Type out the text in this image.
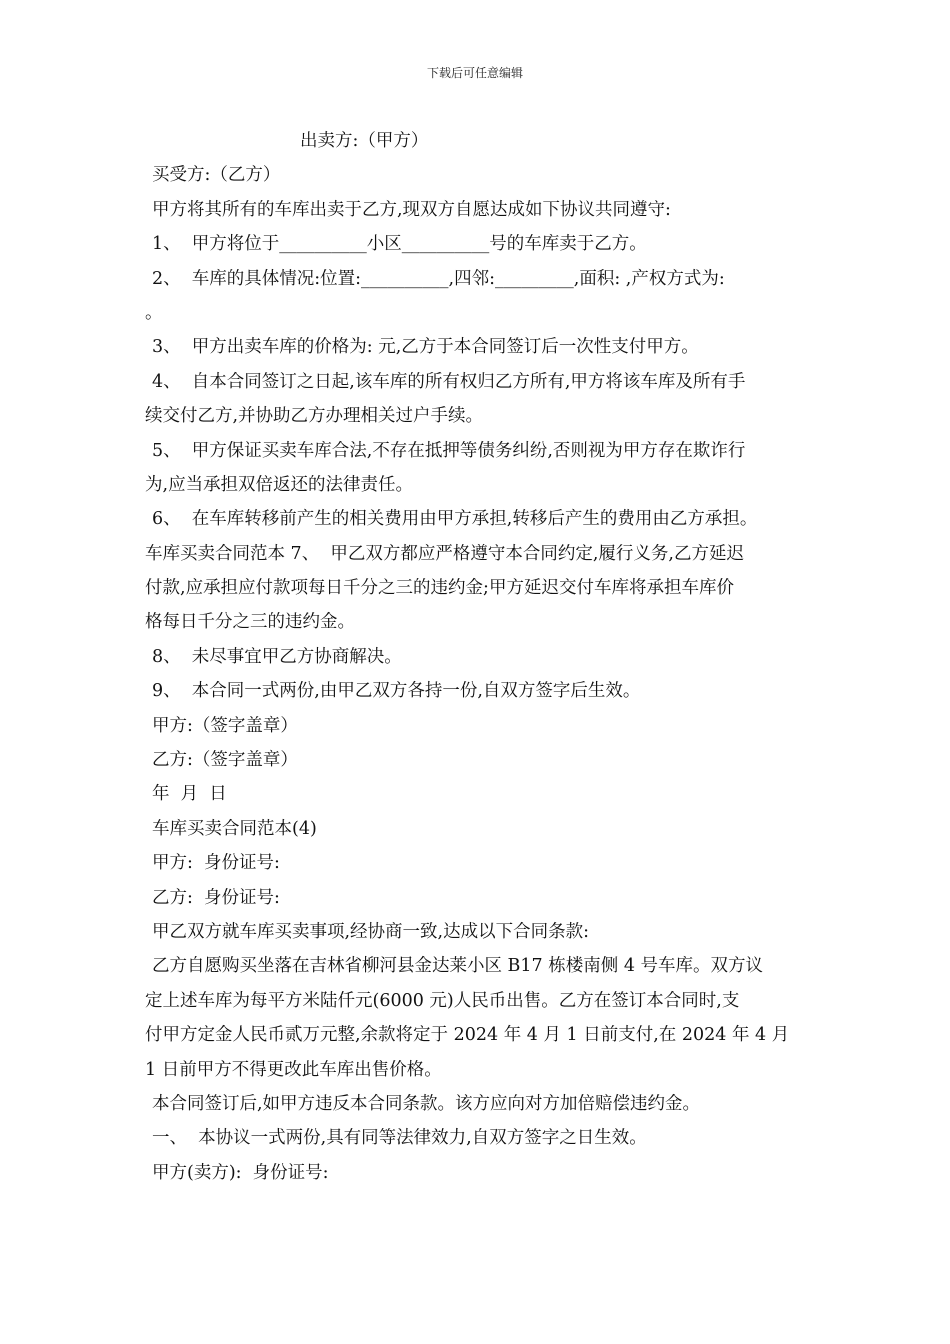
下载后可任意编辑
出卖方:（甲方）
买受方:（乙方）
甲方将其所有的车库出卖于乙方,现双方自愿达成如下协议共同遵守:
1、  甲方将位于__________小区__________号的车库卖于乙方。
2、  车库的具体情况:位置:__________,四邻:_________,面积: ,产权方式为:
。
3、  甲方出卖车库的价格为: 元,乙方于本合同签订后一次性支付甲方。
4、  自本合同签订之日起,该车库的所有权归乙方所有,甲方将该车库及所有手
续交付乙方,并协助乙方办理相关过户手续。
5、  甲方保证买卖车库合法,不存在抵押等债务纠纷,否则视为甲方存在欺诈行
为,应当承担双倍返还的法律责任。
6、  在车库转移前产生的相关费用由甲方承担,转移后产生的费用由乙方承担。
车库买卖合同范本 7、  甲乙双方都应严格遵守本合同约定,履行义务,乙方延迟
付款,应承担应付款项每日千分之三的违约金;甲方延迟交付车库将承担车库价
格每日千分之三的违约金。
8、  未尽事宜甲乙方协商解决。
9、  本合同一式两份,由甲乙双方各持一份,自双方签字后生效。
甲方:（签字盖章）
乙方:（签字盖章）
年  月  日
车库买卖合同范本(4)
甲方:  身份证号:
乙方:  身份证号:
甲乙双方就车库买卖事项,经协商一致,达成以下合同条款:
乙方自愿购买坐落在吉林省柳河县金达莱小区 B17 栋楼南侧 4 号车库。双方议
定上述车库为每平方米陆仟元(6000 元)人民币出售。乙方在签订本合同时,支
付甲方定金人民币贰万元整,余款将定于 2024 年 4 月 1 日前支付,在 2024 年 4 月
1 日前甲方不得更改此车库出售价格。
本合同签订后,如甲方违反本合同条款。该方应向对方加倍赔偿违约金。
一、  本协议一式两份,具有同等法律效力,自双方签字之日生效。
甲方(卖方):  身份证号:
